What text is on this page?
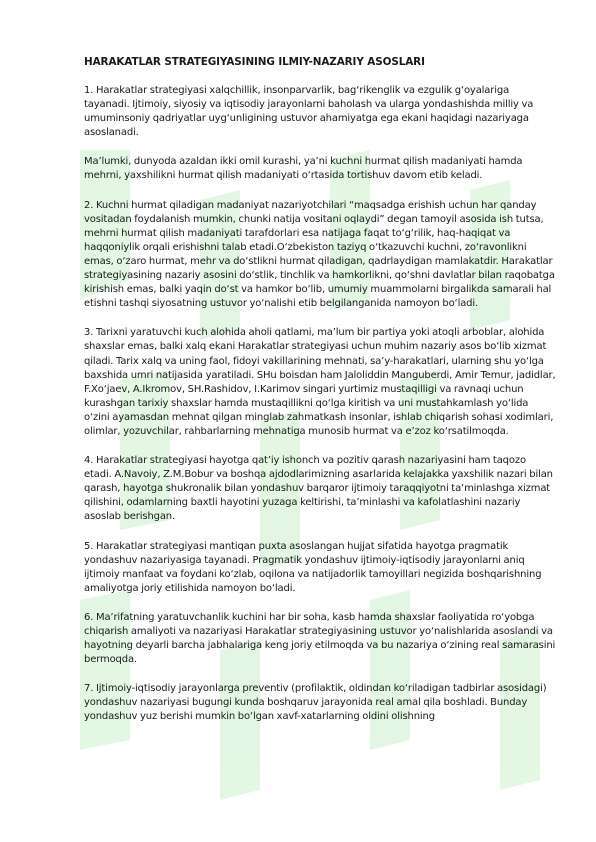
HARAKATLAR STRATEGIYASINING ILMIY-NAZARIY ASOSLARI

1. Harakatlar strategiyasi xalqchillik, insonparvarlik, bag‘rikenglik va ezgulik g‘oyalariga tayanadi. Ijtimoiy, siyosiy va iqtisodiy jarayonlarni baholash va ularga yondashishda milliy va umuminsoniy qadriyatlar uyg‘unligining ustuvor ahamiyatga ega ekani haqidagi nazariyaga asoslanadi.

Ma’lumki, dunyoda azaldan ikki omil kurashi, ya’ni kuchni hurmat qilish madaniyati hamda mehrni, yaxshilikni hurmat qilish madaniyati o‘rtasida tortishuv davom etib keladi.

2. Kuchni hurmat qiladigan madaniyat nazariyotchilari “maqsadga erishish uchun har qanday vositadan foydalanish mumkin, chunki natija vositani oqlaydi” degan tamoyil asosida ish tutsa, mehrni hurmat qilish madaniyati tarafdorlari esa natijaga faqat to‘g‘rilik, haq-haqiqat va haqqoniylik orqali erishishni talab etadi.O‘zbekiston taziyq o‘tkazuvchi kuchni, zo‘ravonlikni emas, o‘zaro hurmat, mehr va do‘stlikni hurmat qiladigan, qadrlaydigan mamlakatdir. Harakatlar strategiyasining nazariy asosini do‘stlik, tinchlik va hamkorlikni, qo‘shni davlatlar bilan raqobatga kirishish emas, balki yaqin do‘st va hamkor bo‘lib, umumiy muammolarni birgalikda samarali hal etishni tashqi siyosatning ustuvor yo‘nalishi etib belgilanganida namoyon bo‘ladi.

3. Tarixni yaratuvchi kuch alohida aholi qatlami, ma’lum bir partiya yoki atoqli arboblar, alohida shaxslar emas, balki xalq ekani Harakatlar strategiyasi uchun muhim nazariy asos bo‘lib xizmat qiladi. Tarix xalq va uning faol, fidoyi vakillarining mehnati, sa’y-harakatlari, ularning shu yo‘lga baxshida umri natijasida yaratiladi. SHu boisdan ham Jaloliddin Manguberdi, Amir Temur, jadidlar, F.Xo‘jaev, A.Ikromov, SH.Rashidov, I.Karimov singari yurtimiz mustaqilligi va ravnaqi uchun kurashgan tarixiy shaxslar hamda mustaqillikni qo‘lga kiritish va uni mustahkamlash yo‘lida o‘zini ayamasdan mehnat qilgan minglab zahmatkash insonlar, ishlab chiqarish sohasi xodimlari, olimlar, yozuvchilar, rahbarlarning mehnatiga munosib hurmat va e’zoz ko‘rsatilmoqda.

4. Harakatlar strategiyasi hayotga qat’iy ishonch va pozitiv qarash nazariyasini ham taqozo etadi. A.Navoiy, Z.M.Bobur va boshqa ajdodlarimizning asarlarida kelajakka yaxshilik nazari bilan qarash, hayotga shukronalik bilan yondashuv barqaror ijtimoiy taraqqiyotni ta’minlashga xizmat qilishini, odamlarning baxtli hayotini yuzaga keltirishi, ta’minlashi va kafolatlashini nazariy asoslab berishgan.

5. Harakatlar strategiyasi mantiqan puxta asoslangan hujjat sifatida hayotga pragmatik yondashuv nazariyasiga tayanadi. Pragmatik yondashuv ijtimoiy-iqtisodiy jarayonlarni aniq ijtimoiy manfaat va foydani ko‘zlab, oqilona va natijadorlik tamoyillari negizida boshqarishning amaliyotga joriy etilishida namoyon bo‘ladi.

6. Ma’rifatning yaratuvchanlik kuchini har bir soha, kasb hamda shaxslar faoliyatida ro‘yobga chiqarish amaliyoti va nazariyasi Harakatlar strategiyasining ustuvor yo‘nalishlarida asoslandi va hayotning deyarli barcha jabhalariga keng joriy etilmoqda va bu nazariya o‘zining real samarasini bermoqda.

7. Ijtimoiy-iqtisodiy jarayonlarga preventiv (profilaktik, oldindan ko‘riladigan tadbirlar asosidagi) yondashuv nazariyasi bugungi kunda boshqaruv jarayonida real amal qila boshladi. Bunday yondashuv yuz berishi mumkin bo‘lgan xavf-xatarlarning oldini olishning
